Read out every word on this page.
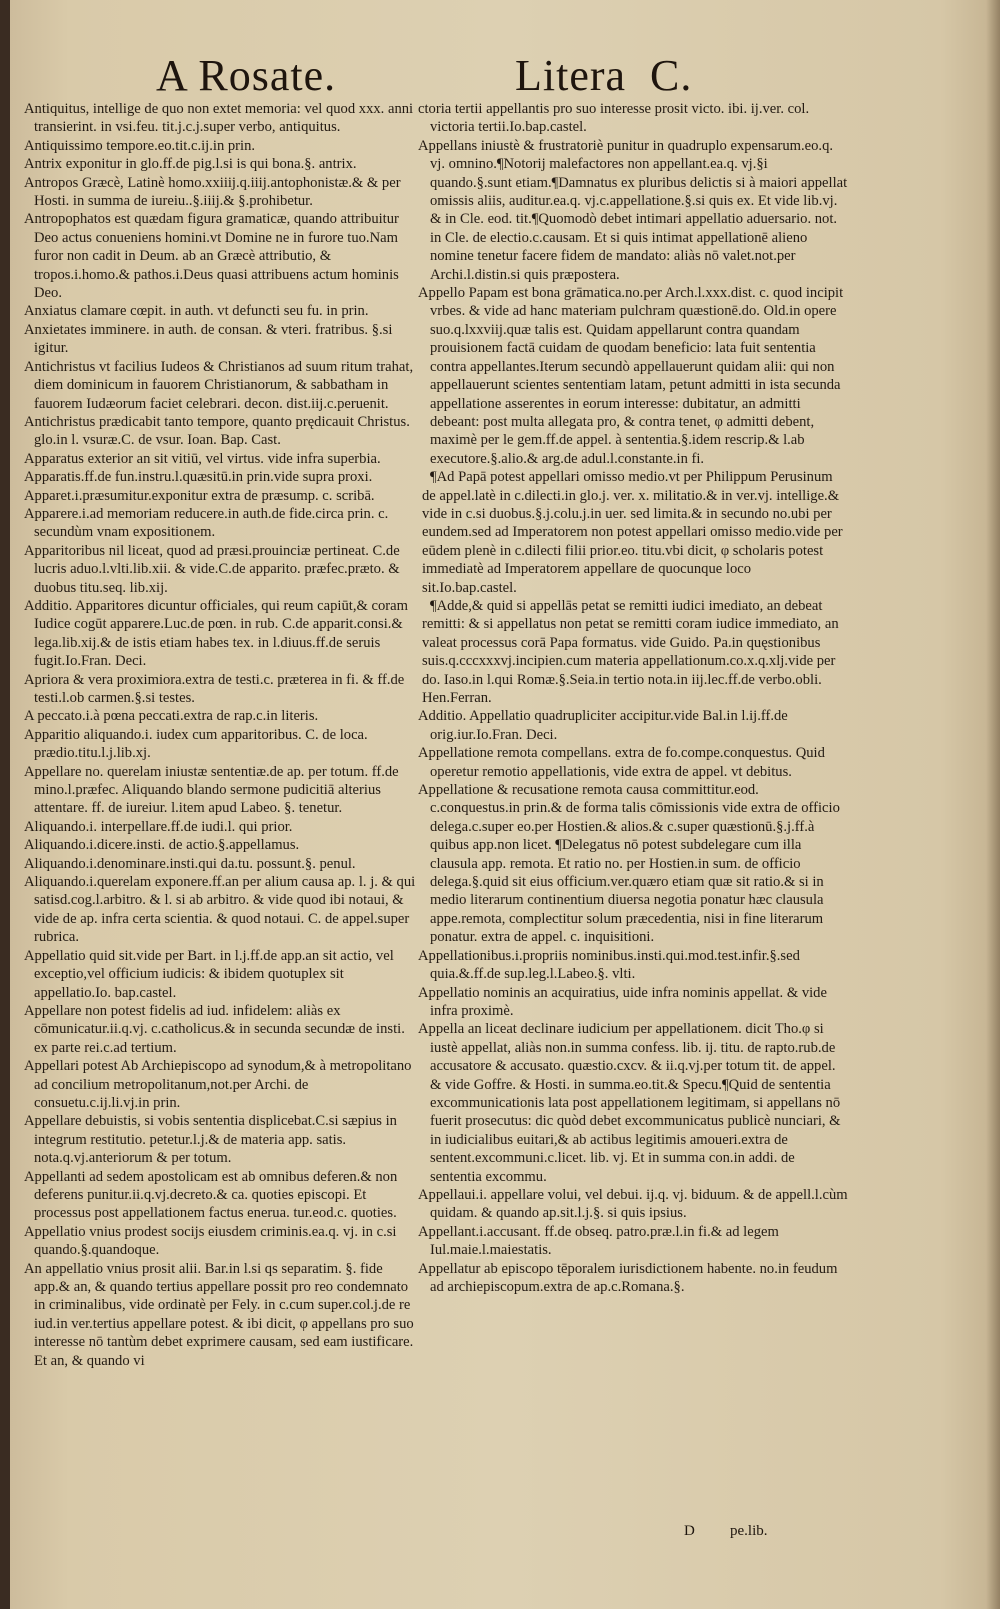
A Rosate.	Litera C.

Antiquitus, intellige de quo non extet memoria: vel quod xxx. anni transierint. in vsi.feu. tit.j.c.j.super verbo, antiquitus.

Antiquissimo tempore.eo.tit.c.ij.in prin.

Antrix exponitur in glo.ff.de pig.l.si is qui bona.§. antrix.

Antropos Græcè, Latinè homo.xxiiij.q.iiij.antophonistæ.& & per Hosti. in summa de iureiu..§.iiij.& §.prohibetur.

Antropophatos est quædam figura gramaticæ, quando attribuitur Deo actus conueniens homini.vt Domine ne in furore tuo.Nam furor non cadit in Deum. ab an Græcè attributio, & tropos.i.homo.& pathos.i.Deus quasi attribuens actum hominis Deo.

Anxiatus clamare cœpit. in auth. vt defuncti seu fu. in prin.

Anxietates imminere. in auth. de consan. & vteri. fratribus. §.si igitur.

Antichristus vt facilius Iudeos & Christianos ad suum ritum trahat, diem dominicum in fauorem Christianorum, & sabbatham in fauorem Iudæorum faciet celebrari. decon. dist.iij.c.peruenit.

Antichristus prædicabit tanto tempore, quanto prędicauit Christus. glo.in l. vsuræ.C. de vsur. Ioan. Bap. Cast.

Apparatus exterior an sit vitiū, vel virtus. vide infra superbia.

Apparatis.ff.de fun.instru.l.quæsitū.in prin.vide supra proxi.

Apparet.i.præsumitur.exponitur extra de præsump. c. scribā.

Apparere.i.ad memoriam reducere.in auth.de fide.circa prin. c. secundùm vnam expositionem.

Apparitoribus nil liceat, quod ad præsi.prouinciæ pertineat. C.de lucris aduo.l.vlti.lib.xii. & vide.C.de apparito. præfec.præto. & duobus titu.seq. lib.xij.

Additio. Apparitores dicuntur officiales, qui reum capiūt,& coram Iudice cogūt apparere.Luc.de pœn. in rub. C.de apparit.consi.& lega.lib.xij.& de istis etiam habes tex. in l.diuus.ff.de seruis fugit.Io.Fran. Deci.

Apriora & vera proximiora.extra de testi.c. præterea in fi. & ff.de testi.l.ob carmen.§.si testes.

A peccato.i.à pœna peccati.extra de rap.c.in literis.

Apparitio aliquando.i. iudex cum apparitoribus. C. de loca. prædio.titu.l.j.lib.xj.

Appellare no. querelam iniustæ sententiæ.de ap. per totum. ff.de mino.l.præfec. Aliquando blando sermone pudicitiā alterius attentare. ff. de iureiur. l.item apud Labeo. §. tenetur.

Aliquando.i. interpellare.ff.de iudi.l. qui prior.

Aliquando.i.dicere.insti. de actio.§.appellamus.

Aliquando.i.denominare.insti.qui da.tu. possunt.§. penul.

Aliquando.i.querelam exponere.ff.an per alium causa ap. l. j. & qui satisd.cog.l.arbitro. & l. si ab arbitro. & vide quod ibi notaui, & vide de ap. infra certa scientia. & quod notaui. C. de appel.super rubrica.

Appellatio quid sit.vide per Bart. in l.j.ff.de app.an sit actio, vel exceptio,vel officium iudicis: & ibidem quotuplex sit appellatio.Io. bap.castel.

Appellare non potest fidelis ad iud. infidelem: aliàs ex cōmunicatur.ii.q.vj. c.catholicus.& in secunda secundæ de insti. ex parte rei.c.ad tertium.

Appellari potest Ab Archiepiscopo ad synodum,& à metropolitano ad concilium metropolitanum,not.per Archi. de consuetu.c.ij.li.vj.in prin.

Appellare debuistis, si vobis sententia displicebat.C.si sæpius in integrum restitutio. petetur.l.j.& de materia app. satis. nota.q.vj.anteriorum & per totum.

Appellanti ad sedem apostolicam est ab omnibus deferen.& non deferens punitur.ii.q.vj.decreto.& ca. quoties episcopi. Et processus post appellationem factus enerua. tur.eod.c. quoties.

Appellatio vnius prodest socijs eiusdem criminis.ea.q. vj. in c.si quando.§.quandoque.

An appellatio vnius prosit alii. Bar.in l.si qs separatim. §. fide app.& an, & quando tertius appellare possit pro reo condemnato in criminalibus, vide ordinatè per Fely. in c.cum super.col.j.de re iud.in ver.tertius appellare potest. & ibi dicit, φ appellans pro suo interesse nō tantùm debet exprimere causam, sed eam iustificare. Et an, & quando vi

ctoria tertii appellantis pro suo interesse prosit victo. ibi. ij.ver. col. victoria tertii.Io.bap.castel.

Appellans iniustè & frustratoriè punitur in quadruplo expensarum.eo.q. vj. omnino.¶Notorij malefactores non appellant.ea.q. vj.§i quando.§.sunt etiam.¶Damnatus ex pluribus delictis si à maiori appellat omissis aliis, auditur.ea.q. vj.c.appellatione.§.si quis ex. Et vide lib.vj. & in Cle. eod. tit.¶Quomodò debet intimari appellatio aduersario. not. in Cle. de electio.c.causam. Et si quis intimat appellationē alieno nomine tenetur facere fidem de mandato: aliàs nō valet.not.per Archi.l.distin.si quis præpostera.

Appello Papam est bona grāmatica.no.per Arch.l.xxx.dist. c. quod incipit vrbes. & vide ad hanc materiam pulchram quæstionē.do. Old.in opere suo.q.lxxviij.quæ talis est. Quidam appellarunt contra quandam prouisionem factā cuidam de quodam beneficio: lata fuit sententia contra appellantes.Iterum secundò appellauerunt quidam alii: qui non appellauerunt scientes sententiam latam, petunt admitti in ista secunda appellatione asserentes in eorum interesse: dubitatur, an admitti debeant: post multa allegata pro, & contra tenet, φ admitti debent, maximè per le gem.ff.de appel. à sententia.§.idem rescrip.& l.ab executore.§.alio.& arg.de adul.l.constante.in fi.

¶Ad Papā potest appellari omisso medio.vt per Philippum Perusinum de appel.latè in c.dilecti.in glo.j. ver. x. militatio.& in ver.vj. intellige.& vide in c.si duobus.§.j.colu.j.in uer. sed limita.& in secundo no.ubi per eundem.sed ad Imperatorem non potest appellari omisso medio.vide per eūdem plenè in c.dilecti filii prior.eo. titu.vbi dicit, φ scholaris potest immediatè ad Imperatorem appellare de quocunque loco sit.Io.bap.castel.

¶Adde,& quid si appellās petat se remitti iudici imediato, an debeat remitti: & si appellatus non petat se remitti coram iudice immediato, an valeat processus corā Papa formatus. vide Guido. Pa.in quęstionibus suis.q.cccxxxvj.incipien.cum materia appellationum.co.x.q.xlj.vide per do. Iaso.in l.qui Romæ.§.Seia.in tertio nota.in iij.lec.ff.de verbo.obli. Hen.Ferran.

Additio. Appellatio quadrupliciter accipitur.vide Bal.in l.ij.ff.de orig.iur.Io.Fran. Deci.

Appellatione remota compellans. extra de fo.compe.conquestus. Quid operetur remotio appellationis, vide extra de appel. vt debitus.

Appellatione & recusatione remota causa committitur.eod. c.conquestus.in prin.& de forma talis cōmissionis vide extra de officio delega.c.super eo.per Hostien.& alios.& c.super quæstionū.§.j.ff.à quibus app.non licet. ¶Delegatus nō potest subdelegare cum illa clausula app. remota. Et ratio no. per Hostien.in sum. de officio delega.§.quid sit eius officium.ver.quæro etiam quæ sit ratio.& si in medio literarum continentium diuersa negotia ponatur hæc clausula appe.remota, complectitur solum præcedentia, nisi in fine literarum ponatur. extra de appel. c. inquisitioni.

Appellationibus.i.propriis nominibus.insti.qui.mod.test.infir.§.sed quia.&.ff.de sup.leg.l.Labeo.§. vlti.

Appellatio nominis an acquiratius, uide infra nominis appellat. & vide infra proximè.

Appella an liceat declinare iudicium per appellationem. dicit Tho.φ si iustè appellat, aliàs non.in summa confess. lib. ij. titu. de rapto.rub.de accusatore & accusato. quæstio.cxcv. & ii.q.vj.per totum tit. de appel. & vide Goffre. & Hosti. in summa.eo.tit.& Specu.¶Quid de sententia excommunicationis lata post appellationem legitimam, si appellans nō fuerit prosecutus: dic quòd debet excommunicatus publicè nunciari, & in iudicialibus euitari,& ab actibus legitimis amoueri.extra de sentent.excommuni.c.licet. lib. vj. Et in summa con.in addi. de sententia excommu.

Appellaui.i. appellare volui, vel debui. ij.q. vj. biduum. & de appell.l.cùm quidam. & quando ap.sit.l.j.§. si quis ipsius.

Appellant.i.accusant. ff.de obseq. patro.præ.l.in fi.& ad legem Iul.maie.l.maiestatis.

Appellatur ab episcopo tēporalem iurisdictionem habente. no.in feudum ad archiepiscopum.extra de ap.c.Romana.§.

D pe.lib.
